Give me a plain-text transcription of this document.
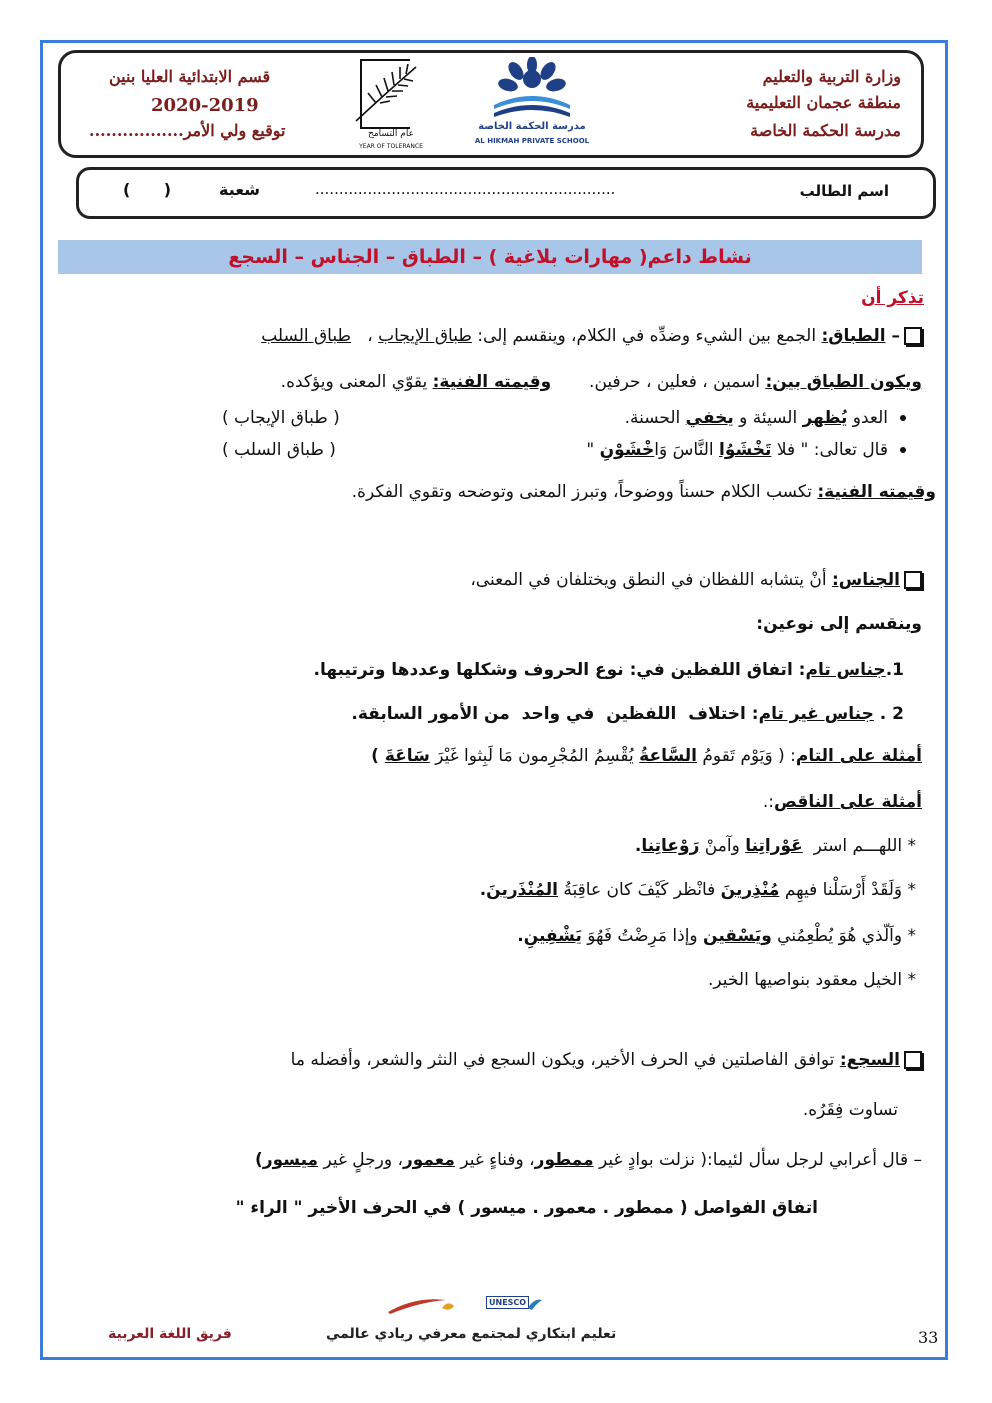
وزارة التربية والتعليم
منطقة عجمان التعليمية
مدرسة الحكمة الخاصة
قسم الابتدائية العليا بنين
2020-2019
توقيع ولي الأمر.................	مدرسة الحكمة الخاصة
AL HIKMAH PRIVATE SCHOOL
عام التسامح
YEAR OF TOLERANCE
اسم الطالب
...............................................................
شعبة
(      )
نشاط داعم( مهارات بلاغية ) – الطباق – الجناس – السجع
تذكر أن
– الطباق: الجمع بين الشيء وضدِّه في الكلام، وينقسم إلى: طباق الإيجاب ،   طباق السلب
ويكون الطباق بين: اسمين ، فعلين ، حرفين.       وقيمته الفنية: يقوّي المعنى ويؤكده.
العدو يُظهر السيئة و يخفي الحسنة.
( طباق الإيجاب )
قال تعالى: " فلا تَخْشَوُا النَّاسَ وَاخْشَوْنِ "
( طباق السلب )
وقيمته الفنية: تكسب الكلام حسناً ووضوحاً، وتبرز المعنى وتوضحه وتقوي الفكرة.
الجناس: أنْ يتشابه اللفظان في النطق ويختلفان في المعنى،
وينقسم إلى نوعين:
1.جناس تام: اتفاق اللفظين في: نوع الحروف وشكلها وعددها وترتيبها.
2 . جناس غير تام: اختلاف  اللفظين  في واحد  من الأمور السابقة.
أمثلة على التام: ( وَيَوْم تَقومُ السَّاعةُ يُقْسِمُ المُجْرِمون مَا لَبِثوا غَيْرَ سَاعَةَ )
أمثلة على الناقص:.
* اللهـــم استر  عَوْراتِنا وآمنْ رَوْعاتِنا.
* وَلَقَدْ أَرْسَلْنا فيهِم مُنْذِرينَ فانْظر كَيْفَ كان عاقِبَةُ المُنْذَرينَ.
* واَلّذي هُوَ يُطْعِمُني ويَسْقين وإذا مَرِضْتُ فَهُوَ يَشْفِينِ.
* الخيل معقود بنواصيها الخير.
السجع: توافق الفاصلتين في الحرف الأخير، ويكون السجع في النثر والشعر، وأفضله ما
تساوت فِقَرُه.
– قال أعرابي لرجل سأل لئيما:( نزلت بوادٍ غير ممطور، وفناءٍ غير معمور، ورجلٍ غير ميسور)
اتفاق الفواصل ( ممطور . معمور . ميسور ) في الحرف الأخير " الراء "
UNESCO
تعليم ابتكاري لمجتمع معرفي ريادي عالمي
فريق اللغة العربية	33
